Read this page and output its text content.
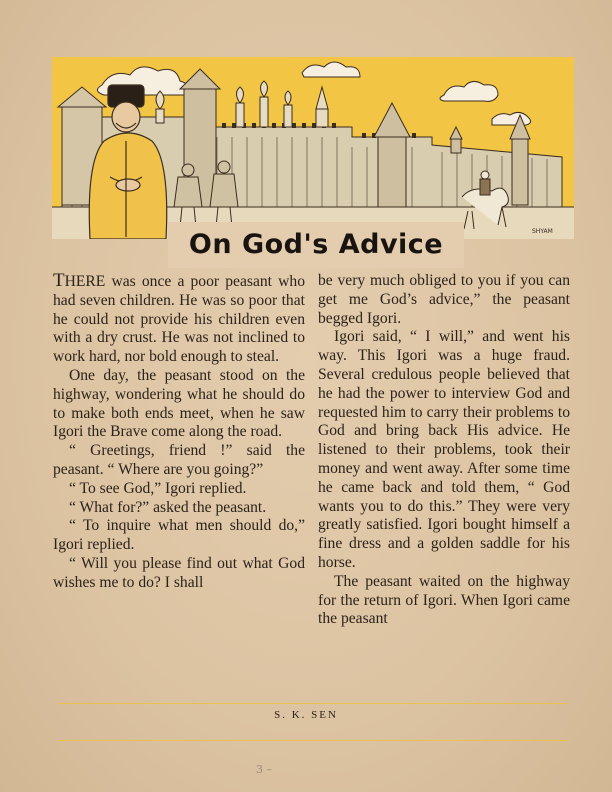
SHYAM
On God's Advice

THERE was once a poor peasant who had seven children. He was so poor that he could not provide his children even with a dry crust. He was not inclined to work hard, nor bold enough to steal.

One day, the peasant stood on the highway, wondering what he should do to make both ends meet, when he saw Igori the Brave come along the road.

“ Greetings, friend !” said the peasant. “ Where are you going?”

“ To see God,” Igori replied.

“ What for?” asked the peasant.

“ To inquire what men should do,” Igori replied.

“ Will you please find out what God wishes me to do? I shall

be very much obliged to you if you can get me God’s advice,” the peasant begged Igori.

Igori said, “ I will,” and went his way. This Igori was a huge fraud. Several credulous people believed that he had the power to interview God and requested him to carry their problems to God and bring back His advice. He listened to their problems, took their money and went away. After some time he came back and told them, “ God wants you to do this.” They were very greatly satisfied. Igori bought himself a fine dress and a golden saddle for his horse.

The peasant waited on the highway for the return of Igori. When Igori came the peasant

S. K. SEN
3 –
